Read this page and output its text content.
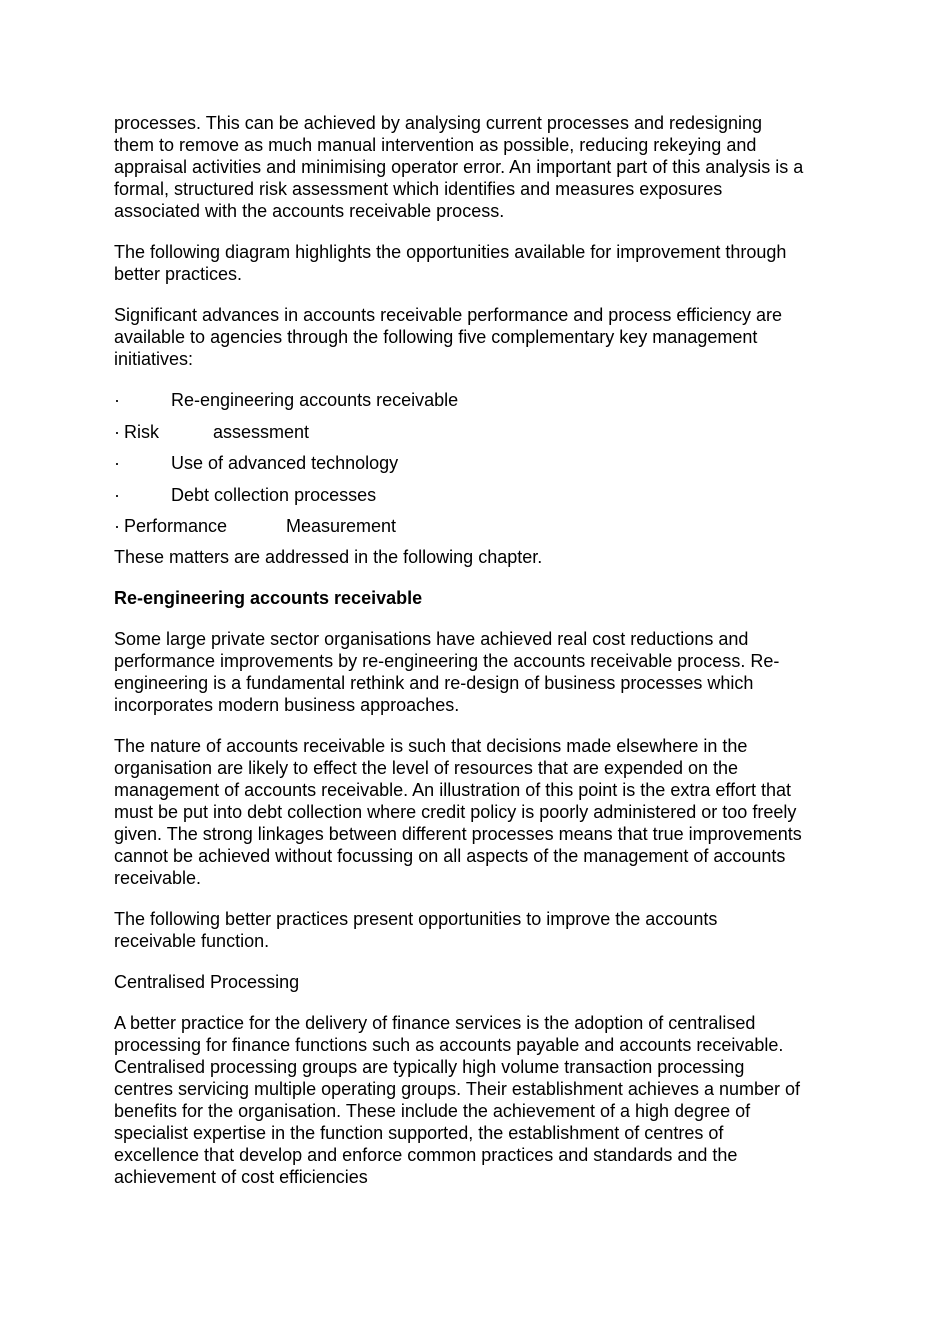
processes. This can be achieved by analysing current processes and redesigning them to remove as much manual intervention as possible, reducing rekeying and appraisal activities and minimising operator error. An important part of this analysis is a formal, structured risk assessment which identifies and measures exposures associated with the accounts receivable process.

The following diagram highlights the opportunities available for improvement through better practices.

Significant advances in accounts receivable performance and process efficiency are available to agencies through the following five complementary key management initiatives:

·	Re-engineering accounts receivable
· Risk	assessment
·	Use of advanced technology
·	Debt collection processes
· Performance	Measurement

These matters are addressed in the following chapter.

Re-engineering accounts receivable

Some large private sector organisations have achieved real cost reductions and performance improvements by re-engineering the accounts receivable process. Re-engineering is a fundamental rethink and re-design of business processes which incorporates modern business approaches.

The nature of accounts receivable is such that decisions made elsewhere in the organisation are likely to effect the level of resources that are expended on the management of accounts receivable. An illustration of this point is the extra effort that must be put into debt collection where credit policy is poorly administered or too freely given. The strong linkages between different processes means that true improvements cannot be achieved without focussing on all aspects of the management of accounts receivable.

The following better practices present opportunities to improve the accounts receivable function.

Centralised Processing

A better practice for the delivery of finance services is the adoption of centralised processing for finance functions such as accounts payable and accounts receivable. Centralised processing groups are typically high volume transaction processing centres servicing multiple operating groups. Their establishment achieves a number of benefits for the organisation. These include the achievement of a high degree of specialist expertise in the function supported, the establishment of centres of excellence that develop and enforce common practices and standards and the achievement of cost efficiencies
